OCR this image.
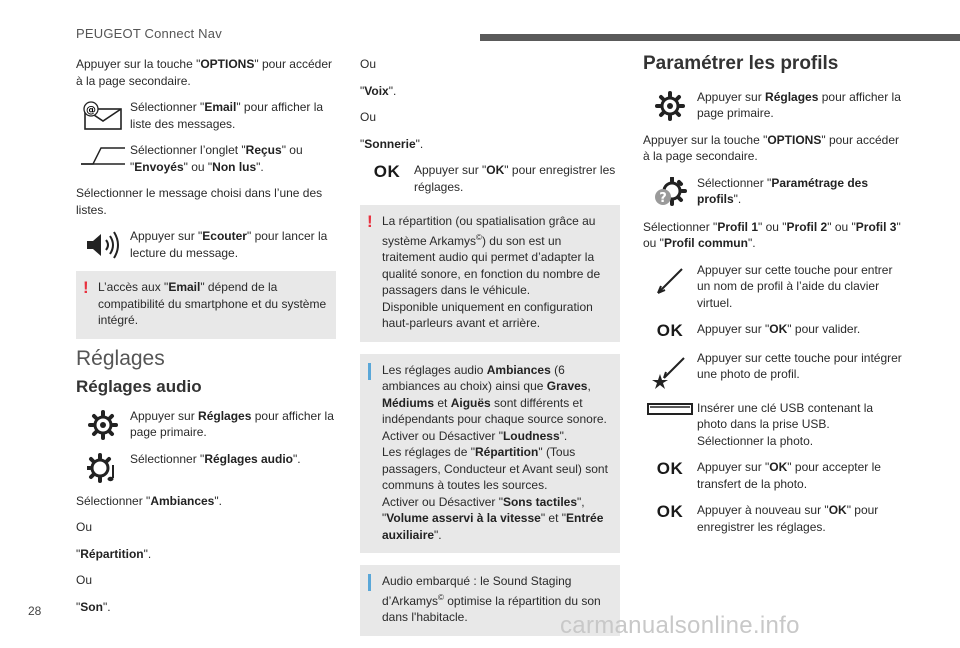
PEUGEOT Connect Nav

Appuyer sur la touche "OPTIONS" pour accéder à la page secondaire.

@	Sélectionner "Email" pour afficher la liste des messages.
Sélectionner l’onglet "Reçus" ou "Envoyés" ou "Non lus".

Sélectionner le message choisi dans l’une des listes.

Appuyer sur "Ecouter" pour lancer la lecture du message.
! L’accès aux "Email" dépend de la compatibilité du smartphone et du système intégré.
Réglages
Réglages audio
Appuyer sur Réglages pour afficher la page primaire.
Sélectionner "Réglages audio".

Sélectionner "Ambiances".

Ou

"Répartition".

Ou

"Son".

Ou

"Voix".

Ou

"Sonnerie".

OK Appuyer sur "OK" pour enregistrer les réglages.
! La répartition (ou spatialisation grâce au système Arkamys©) du son est un traitement audio qui permet d’adapter la qualité sonore, en fonction du nombre de passagers dans le véhicule.
Disponible uniquement en configuration haut-parleurs avant et arrière.
Les réglages audio Ambiances (6 ambiances au choix) ainsi que Graves, Médiums et Aiguës sont différents et indépendants pour chaque source sonore.
Activer ou Désactiver "Loudness".
Les réglages de "Répartition" (Tous passagers, Conducteur et Avant seul) sont communs à toutes les sources.
Activer ou Désactiver "Sons tactiles", "Volume asservi à la vitesse" et "Entrée auxiliaire".
Audio embarqué : le Sound Staging d’Arkamys© optimise la répartition du son dans l'habitacle.
Paramétrer les profils
Appuyer sur Réglages pour afficher la page primaire.

Appuyer sur la touche "OPTIONS" pour accéder à la page secondaire.

?
Sélectionner "Paramétrage des profils".

Sélectionner "Profil 1" ou "Profil 2" ou "Profil 3" ou "Profil commun".

Appuyer sur cette touche pour entrer un nom de profil à l’aide du clavier virtuel.
OK Appuyer sur "OK" pour valider.
Appuyer sur cette touche pour intégrer une photo de profil.
Insérer une clé USB contenant la photo dans la prise USB.
Sélectionner la photo.
OK Appuyer sur "OK" pour accepter le transfert de la photo.
OK Appuyer à nouveau sur "OK" pour enregistrer les réglages.
28
carmanualsonline.info
